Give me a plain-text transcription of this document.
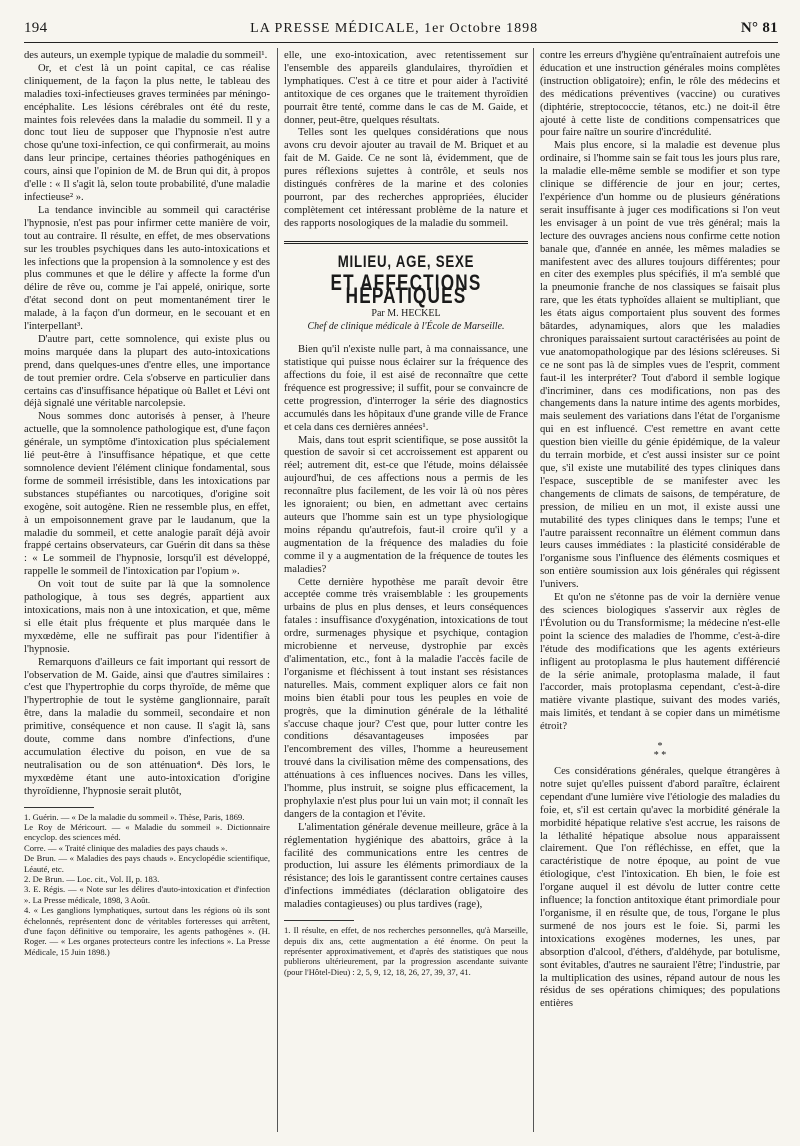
194	LA PRESSE MÉDICALE, 1er Octobre 1898	N° 81

des auteurs, un exemple typique de maladie du sommeil¹.

Or, et c'est là un point capital, ce cas réalise cliniquement, de la façon la plus nette, le tableau des maladies toxi-infectieuses graves terminées par méningo-encéphalite. Les lésions cérébrales ont été du reste, maintes fois relevées dans la maladie du sommeil. Il y a donc tout lieu de supposer que l'hypnosie n'est autre chose qu'une toxi-infection, ce qui confirmerait, au moins dans leur principe, certaines théories pathogéniques en cours, ainsi que l'opinion de M. de Brun qui dit, à propos d'elle : « Il s'agit là, selon toute probabilité, d'une maladie infectieuse² ».

La tendance invincible au sommeil qui caractérise l'hypnosie, n'est pas pour infirmer cette manière de voir, tout au contraire. Il résulte, en effet, de mes observations sur les troubles psychiques dans les auto-intoxications et les infections que la propension à la somnolence y est des plus communes et que le délire y affecte la forme d'un délire de rêve ou, comme je l'ai appelé, onirique, sorte d'état second dont on peut momentanément tirer le malade, à la façon d'un dormeur, en le secouant et en l'interpellant³.

D'autre part, cette somnolence, qui existe plus ou moins marquée dans la plupart des auto-intoxications prend, dans quelques-unes d'entre elles, une importance de tout premier ordre. Cela s'observe en particulier dans certains cas d'insuffisance hépatique où Ballet et Lévi ont déjà signalé une véritable narcolepsie.

Nous sommes donc autorisés à penser, à l'heure actuelle, que la somnolence pathologique est, d'une façon générale, un symptôme d'intoxication plus spécialement lié peut-être à l'insuffisance hépatique, et que cette somnolence devient l'élément clinique fondamental, sous forme de sommeil irrésistible, dans les intoxications par substances stupéfiantes ou narcotiques, d'origine soit exogène, soit autogène. Rien ne ressemble plus, en effet, à un empoisonnement grave par le laudanum, que la maladie du sommeil, et cette analogie paraît déjà avoir frappé certains observateurs, car Guérin dit dans sa thèse : « Le sommeil de l'hypnosie, lorsqu'il est développé, rappelle le sommeil de l'intoxication par l'opium ».

On voit tout de suite par là que la somnolence pathologique, à tous ses degrés, appartient aux intoxications, mais non à une intoxication, et que, même si elle était plus fréquente et plus marquée dans le myxœdème, elle ne suffirait pas pour l'identifier à l'hypnosie.

Remarquons d'ailleurs ce fait important qui ressort de l'observation de M. Gaide, ainsi que d'autres similaires : c'est que l'hypertrophie du corps thyroïde, de même que l'hypertrophie de tout le système ganglionnaire, paraît être, dans la maladie du sommeil, secondaire et non primitive, conséquence et non cause. Il s'agit là, sans doute, comme dans nombre d'infections, d'une accumulation élective du poison, en vue de sa neutralisation ou de son atténuation⁴. Dès lors, le myxœdème étant une auto-intoxication d'origine thyroïdienne, l'hypnosie serait plutôt,

1. Guérin. — « De la maladie du sommeil ». Thèse, Paris, 1869.
Le Roy de Méricourt. — « Maladie du sommeil ». Dictionnaire encyclop. des sciences méd.
Corre. — « Traité clinique des maladies des pays chauds ».
De Brun. — « Maladies des pays chauds ». Encyclopédie scientifique, Léauté, etc.
2. De Brun. — Loc. cit., Vol. II, p. 183.
3. E. Régis. — « Note sur les délires d'auto-intoxication et d'infection ». La Presse médicale, 1898, 3 Août.
4. « Les ganglions lymphatiques, surtout dans les régions où ils sont échelonnés, représentent donc de véritables forteresses qui arrêtent, d'une façon définitive ou temporaire, les agents pathogènes ». (H. Roger. — « Les organes protecteurs contre les infections ». La Presse Médicale, 15 Juin 1898.)

elle, une exo-intoxication, avec retentissement sur l'ensemble des appareils glandulaires, thyroïdien et lymphatiques. C'est à ce titre et pour aider à l'activité antitoxique de ces organes que le traitement thyroïdien pourrait être tenté, comme dans le cas de M. Gaide, et donner, peut-être, quelques résultats.

Telles sont les quelques considérations que nous avons cru devoir ajouter au travail de M. Briquet et au fait de M. Gaide. Ce ne sont là, évidemment, que de pures réflexions sujettes à contrôle, et seuls nos distingués confrères de la marine et des colonies pourront, par des recherches appropriées, élucider complètement cet intéressant problème de la nature et des rapports nosologiques de la maladie du sommeil.

MILIEU, AGE, SEXE
ET AFFECTIONS HÉPATIQUES
Par M. HECKEL
Chef de clinique médicale à l'École de Marseille.

Bien qu'il n'existe nulle part, à ma connaissance, une statistique qui puisse nous éclairer sur la fréquence des affections du foie, il est aisé de reconnaître que cette fréquence est progressive; il suffit, pour se convaincre de cette progression, d'interroger la série des diagnostics accumulés dans les hôpitaux d'une grande ville de France et cela dans ces dernières années¹.

Mais, dans tout esprit scientifique, se pose aussitôt la question de savoir si cet accroissement est apparent ou réel; autrement dit, est-ce que l'étude, moins délaissée aujourd'hui, de ces affections nous a permis de les reconnaître plus facilement, de les voir là où nos pères les ignoraient; ou bien, en admettant avec certains auteurs que l'homme sain est un type physiologique moins répandu qu'autrefois, faut-il croire qu'il y a augmentation de la fréquence des maladies du foie comme il y a augmentation de la fréquence de toutes les maladies?

Cette dernière hypothèse me paraît devoir être acceptée comme très vraisemblable : les groupements urbains de plus en plus denses, et leurs conséquences fatales : insuffisance d'oxygénation, intoxications de tout ordre, surmenages physique et psychique, contagion microbienne et nerveuse, dystrophie par excès d'alimentation, etc., font à la maladie l'accès facile de l'organisme et fléchissent à tout instant ses résistances naturelles. Mais, comment expliquer alors ce fait non moins bien établi pour tous les peuples en voie de progrès, que la diminution générale de la léthalité s'accuse chaque jour? C'est que, pour lutter contre les conditions désavantageuses imposées par l'encombrement des villes, l'homme a heureusement trouvé dans la civilisation même des compensations, des atténuations à ces influences nocives. Dans les villes, l'homme, plus instruit, se soigne plus efficacement, la prophylaxie n'est plus pour lui un vain mot; il connaît les dangers de la contagion et l'évite.

L'alimentation générale devenue meilleure, grâce à la réglementation hygiénique des abattoirs, grâce à la facilité des communications entre les centres de production, lui assure les éléments primordiaux de la résistance; des lois le garantissent contre certaines causes d'infections immédiates (déclaration obligatoire des maladies contagieuses) ou plus tardives (rage),

1. Il résulte, en effet, de nos recherches personnelles, qu'à Marseille, depuis dix ans, cette augmentation a été énorme. On peut la représenter approximativement, et d'après des statistiques que nous publierons ultérieurement, par la progression ascendante suivante (pour l'Hôtel-Dieu) : 2, 5, 9, 12, 18, 26, 27, 39, 37, 41.

contre les erreurs d'hygiène qu'entraînaient autrefois une éducation et une instruction générales moins complètes (instruction obligatoire); enfin, le rôle des médecins et des médications préventives (vaccine) ou curatives (diphtérie, streptococcie, tétanos, etc.) ne doit-il être ajouté à cette liste de conditions compensatrices que pour faire naître un sourire d'incrédulité.

Mais plus encore, si la maladie est devenue plus ordinaire, si l'homme sain se fait tous les jours plus rare, la maladie elle-même semble se modifier et son type clinique se différencie de jour en jour; certes, l'expérience d'un homme ou de plusieurs générations serait insuffisante à juger ces modifications si l'on veut les envisager à un point de vue très général; mais la lecture des ouvrages anciens nous confirme cette notion banale que, d'année en année, les mêmes maladies se manifestent avec des allures toujours différentes; pour en citer des exemples plus spécifiés, il m'a semblé que la pneumonie franche de nos classiques se faisait plus rare, que les états typhoïdes allaient se multipliant, que les états aigus comportaient plus souvent des formes bâtardes, adynamiques, alors que les maladies chroniques paraissaient surtout caractérisées au point de vue anatomopathologique par des lésions scléreuses. Si ce ne sont pas là de simples vues de l'esprit, comment faut-il les interpréter? Tout d'abord il semble logique d'incriminer, dans ces modifications, non pas des changements dans la nature intime des agents morbides, mais seulement des variations dans l'état de l'organisme qui en est influencé. C'est remettre en avant cette question bien vieille du génie épidémique, de la valeur du terrain morbide, et c'est aussi insister sur ce point que, s'il existe une mutabilité des types cliniques dans l'espace, susceptible de se manifester avec les changements de climats de saisons, de température, de pression, de milieu en un mot, il existe aussi une mutabilité des types cliniques dans le temps; l'une et l'autre paraissent reconnaître un élément commun dans leurs causes immédiates : la plasticité considérable de l'organisme sous l'influence des éléments cosmiques et son entière soumission aux lois générales qui régissent l'univers.

Et qu'on ne s'étonne pas de voir la dernière venue des sciences biologiques s'asservir aux règles de l'Évolution ou du Transformisme; la médecine n'est-elle point la science des maladies de l'homme, c'est-à-dire l'étude des modifications que les agents extérieurs infligent au protoplasma le plus hautement différencié de la série animale, protoplasma malade, il faut l'accorder, mais protoplasma cependant, c'est-à-dire matière vivante plastique, suivant des modes variés, mais limités, et tendant à se copier dans un mimétisme étroit?

*
* *

Ces considérations générales, quelque étrangères à notre sujet qu'elles puissent d'abord paraître, éclairent cependant d'une lumière vive l'étiologie des maladies du foie, et, s'il est certain qu'avec la morbidité générale la morbidité hépatique relative s'est accrue, les raisons de la léthalité hépatique absolue nous apparaissent clairement. Que l'on réfléchisse, en effet, que la caractéristique de notre époque, au point de vue étiologique, c'est l'intoxication. Eh bien, le foie est l'organe auquel il est dévolu de lutter contre cette influence; la fonction antitoxique étant primordiale pour l'organisme, il en résulte que, de tous, l'organe le plus surmené de nos jours est le foie. Si, parmi les intoxications exogènes modernes, les unes, par absorption d'alcool, d'éthers, d'aldéhyde, par botulisme, sont évitables, d'autres ne sauraient l'être; l'industrie, par la multiplication des usines, répand autour de nous les résidus de ses opérations chimiques; des populations entières
